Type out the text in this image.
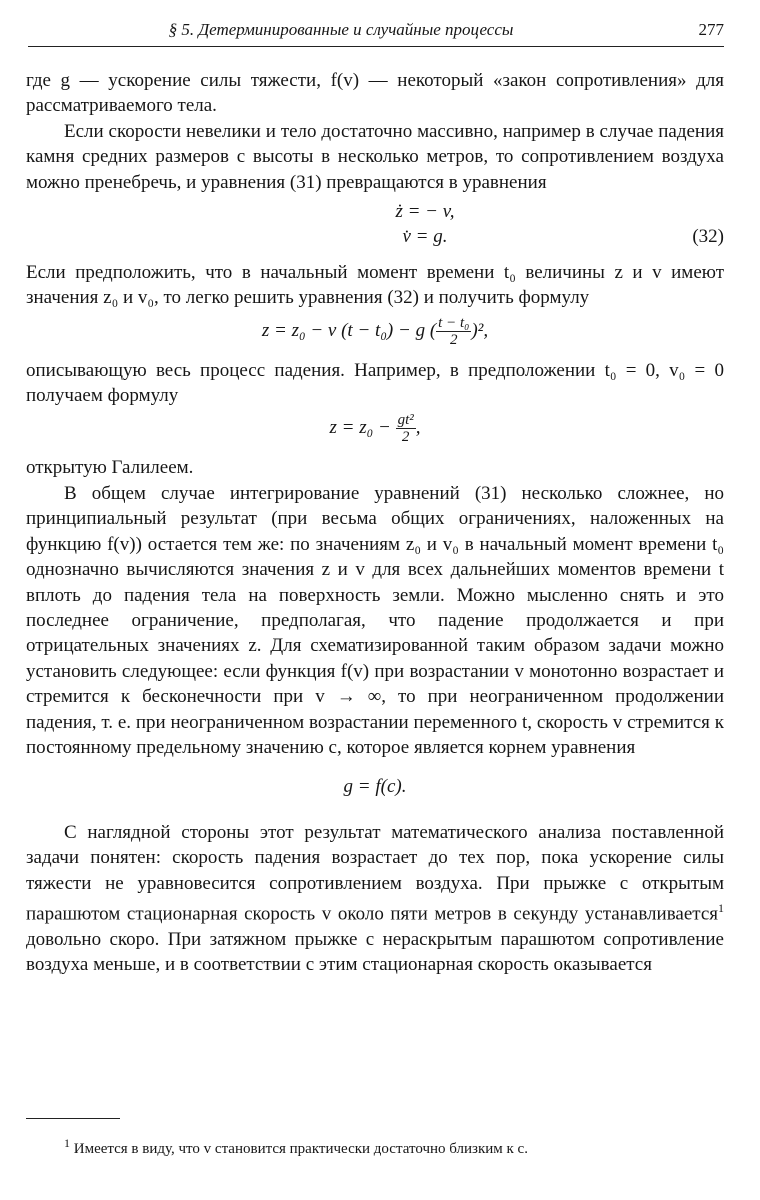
§ 5. Детерминированные и случайные процессы	277

где g — ускорение силы тяжести, f(v) — некоторый «закон сопротивления» для рассматриваемого тела.

Если скорости невелики и тело достаточно массивно, например в случае падения камня средних размеров с высоты в несколько метров, то сопротивлением воздуха можно пренебречь, и уравнения (31) превращаются в уравнения

ż = − v,
v̇ = g.	(32)

Если предположить, что в начальный момент времени t₀ величины z и v имеют значения z₀ и v₀, то легко решить уравнения (32) и получить формулу

z = z₀ − v (t − t₀) − g ( $\frac{\text{t − t₀}}{2} )^2$,

описывающую весь процесс падения. Например, в предположении t₀ = 0, v₀ = 0 получаем формулу

$z = z_0 - \frac{\text{gt²}}{2}$ ,

открытую Галилеем.

В общем случае интегрирование уравнений (31) несколько сложнее, но принципиальный результат (при весьма общих ограничениях, наложенных на функцию f(v)) остается тем же: по значениям z₀ и v₀ в начальный момент времени t₀ однозначно вычисляются значения z и v для всех дальнейших моментов времени t вплоть до падения тела на поверхность земли. Можно мысленно снять и это последнее ограничение, предполагая, что падение продолжается и при отрицательных значениях z. Для схематизированной таким образом задачи можно установить следующее: если функция f(v) при возрастании v монотонно возрастает и стремится к бесконечности при v → ∞, то при неограниченном продолжении падения, т. е. при неограниченном возрастании переменного t, скорость v стремится к постоянному предельному значению c, которое является корнем уравнения

g = f(c).

С наглядной стороны этот результат математического анализа поставленной задачи понятен: скорость падения возрастает до тех пор, пока ускорение силы тяжести не уравновесится сопротивлением воздуха. При прыжке с открытым парашютом стационарная скорость v около пяти метров в секунду устанавливается$^1$ довольно скоро. При затяжном прыжке с нераскрытым парашютом сопротивление воздуха меньше, и в соответствии с этим стационарная скорость оказывается

$^1$ Имеется в виду, что v становится практически достаточно близким к c.
